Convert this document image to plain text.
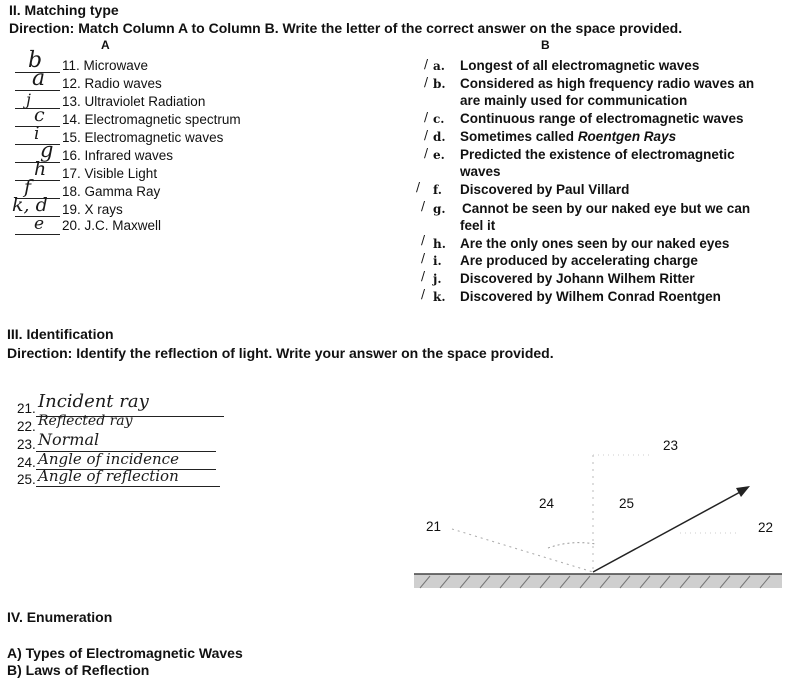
II. Matching type
Direction: Match Column A to Column B. Write the letter of the correct answer on the space provided.
A	B
b 11. Microwave
a 12. Radio waves
j 13. Ultraviolet Radiation
c 14. Electromagnetic spectrum
i 15. Electromagnetic waves
g 16. Infrared waves
h 17. Visible Light
f 18. Gamma Ray
k, d 19. X rays
e 20. J.C. Maxwell
/ a. Longest of all electromagnetic waves
/ b. Considered as high frequency radio waves an
are mainly used for communication
/ c. Continuous range of electromagnetic waves
/ d. Sometimes called Roentgen Rays
/ e. Predicted the existence of electromagnetic
waves
/ f. Discovered by Paul Villard
/ g. Cannot be seen by our naked eye but we can
feel it
/ h. Are the only ones seen by our naked eyes
/ i. Are produced by accelerating charge
/ j. Discovered by Johann Wilhem Ritter
/ k. Discovered by Wilhem Conrad Roentgen
III. Identification
Direction: Identify the reflection of light. Write your answer on the space provided.
21. Incident ray
22. Reflected ray
23. Normal
24. Angle of incidence
25. Angle of reflection
21	22
23
24	25
IV. Enumeration
A) Types of Electromagnetic Waves
B) Laws of Reflection
